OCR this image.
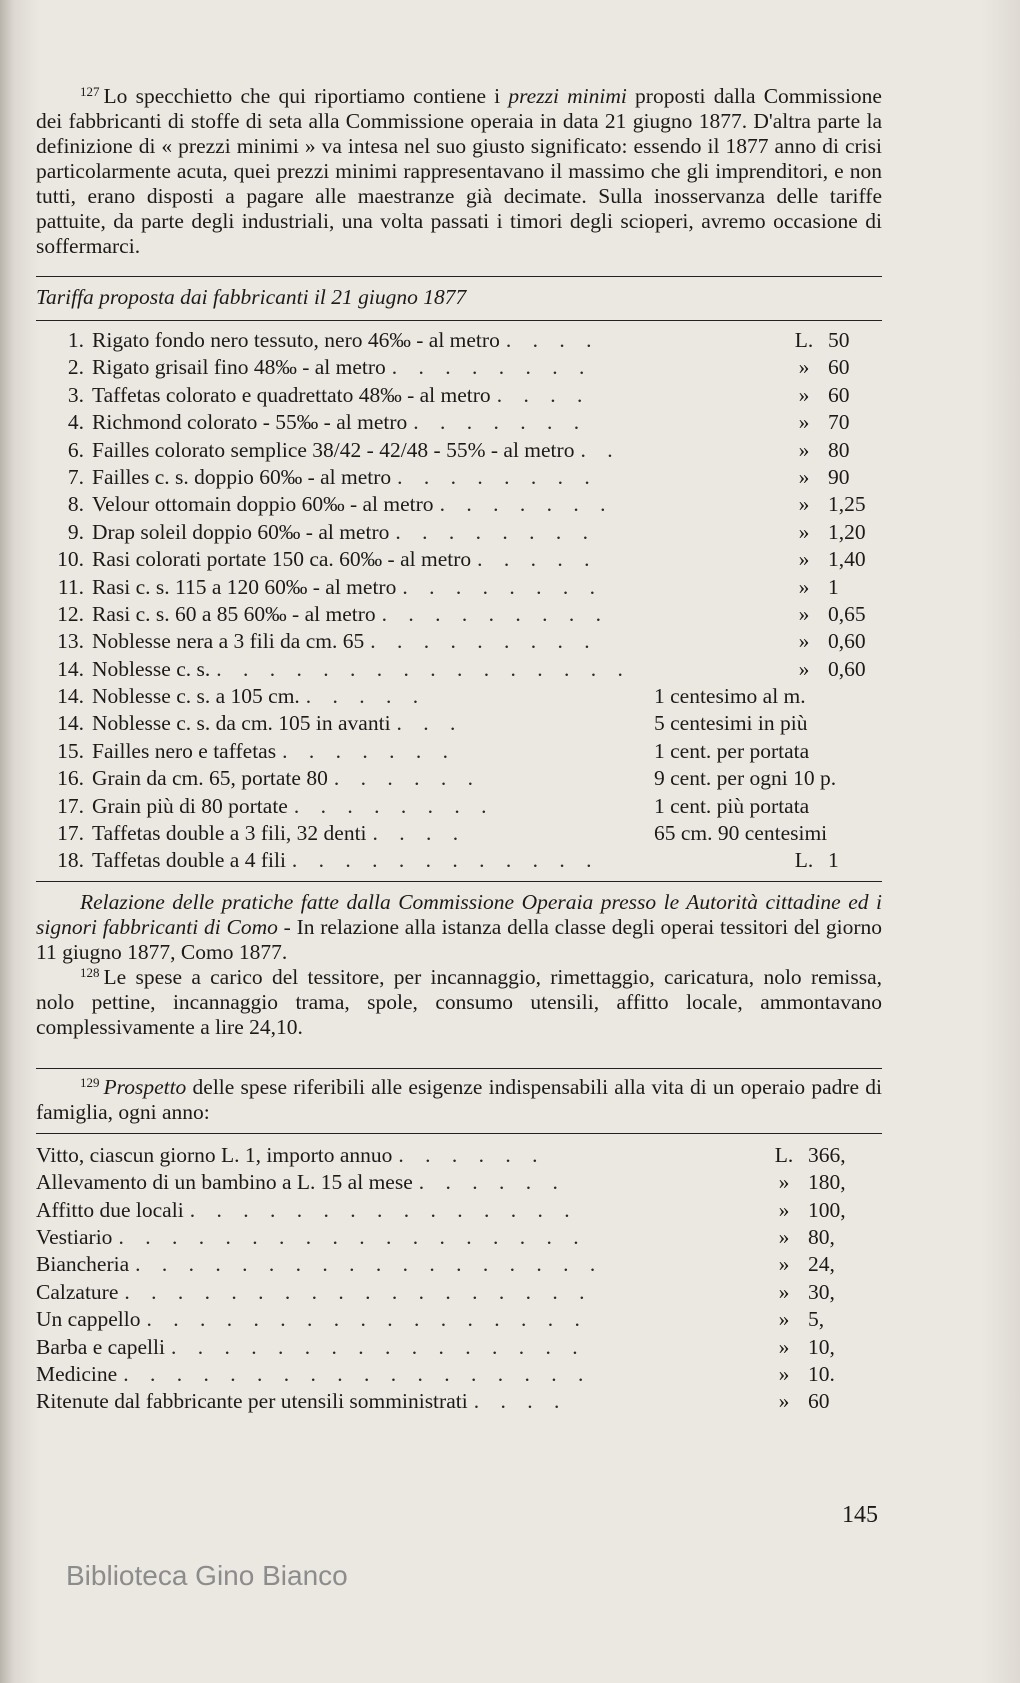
$^{127}$ Lo specchietto che qui riportiamo contiene i prezzi minimi proposti dalla Commissione dei fabbricanti di stoffe di seta alla Commissione operaia in data 21 giugno 1877. D'altra parte la definizione di « prezzi minimi » va intesa nel suo giusto significato: essendo il 1877 anno di crisi particolarmente acuta, quei prezzi minimi rappresentavano il massimo che gli imprenditori, e non tutti, erano disposti a pagare alle maestranze già decimate. Sulla inosservanza delle tariffe pattuite, da parte degli industriali, una volta passati i timori degli scioperi, avremo occasione di soffermarci.

Tariffa proposta dai fabbricanti il 21 giugno 1877
1. Rigato fondo nero tessuto, nero 46‰ - al metro . . . .	L. 50
2. Rigato grisail fino 48‰ - al metro . . . . . . . .	» 60
3. Taffetas colorato e quadrettato 48‰ - al metro . . . .	» 60
4. Richmond colorato - 55‰ - al metro . . . . . . .	» 70
6. Failles colorato semplice 38/42 - 42/48 - 55% - al metro . .	» 80
7. Failles c. s. doppio 60‰ - al metro . . . . . . . .	» 90
8. Velour ottomain doppio 60‰ - al metro . . . . . . .	» 1,25
9. Drap soleil doppio 60‰ - al metro . . . . . . . .	» 1,20
10. Rasi colorati portate 150 ca. 60‰ - al metro . . . . .	» 1,40
11. Rasi c. s. 115 a 120 60‰ - al metro . . . . . . . .	» 1
12. Rasi c. s. 60 a 85 60‰ - al metro . . . . . . . . .	» 0,65
13. Noblesse nera a 3 fili da cm. 65 . . . . . . . . .	» 0,60
14. Noblesse c. s. . . . . . . . . . . . . . . . .	» 0,60
14. Noblesse c. s. a 105 cm. . . . . .	1 centesimo al m.
14. Noblesse c. s. da cm. 105 in avanti . . .	5 centesimi in più
15. Failles nero e taffetas . . . . . . .	1 cent. per portata
16. Grain da cm. 65, portate 80 . . . . . .	9 cent. per ogni 10 p.
17. Grain più di 80 portate . . . . . . . .	1 cent. più portata
17. Taffetas double a 3 fili, 32 denti . . . .	65 cm. 90 centesimi
18. Taffetas double a 4 fili . . . . . . . . . . . .	L. 1

Relazione delle pratiche fatte dalla Commissione Operaia presso le Autorità cittadine ed i signori fabbricanti di Como - In relazione alla istanza della classe degli operai tessitori del giorno 11 giugno 1877, Como 1877.

$^{128}$ Le spese a carico del tessitore, per incannaggio, rimettaggio, caricatura, nolo remissa, nolo pettine, incannaggio trama, spole, consumo utensili, affitto locale, ammontavano complessivamente a lire 24,10.

$^{129}$ Prospetto delle spese riferibili alle esigenze indispensabili alla vita di un operaio padre di famiglia, ogni anno:

Vitto, ciascun giorno L. 1, importo annuo . . . . . .	L. 366,
Allevamento di un bambino a L. 15 al mese . . . . . .	» 180,
Affitto due locali . . . . . . . . . . . . . . .	» 100,
Vestiario . . . . . . . . . . . . . . . . . .	» 80,
Biancheria . . . . . . . . . . . . . . . . . .	» 24,
Calzature . . . . . . . . . . . . . . . . . .	» 30,
Un cappello . . . . . . . . . . . . . . . . .	» 5,
Barba e capelli . . . . . . . . . . . . . . . .	» 10,
Medicine . . . . . . . . . . . . . . . . . .	» 10.
Ritenute dal fabbricante per utensili somministrati . . . .	» 60
145
Biblioteca Gino Bianco
